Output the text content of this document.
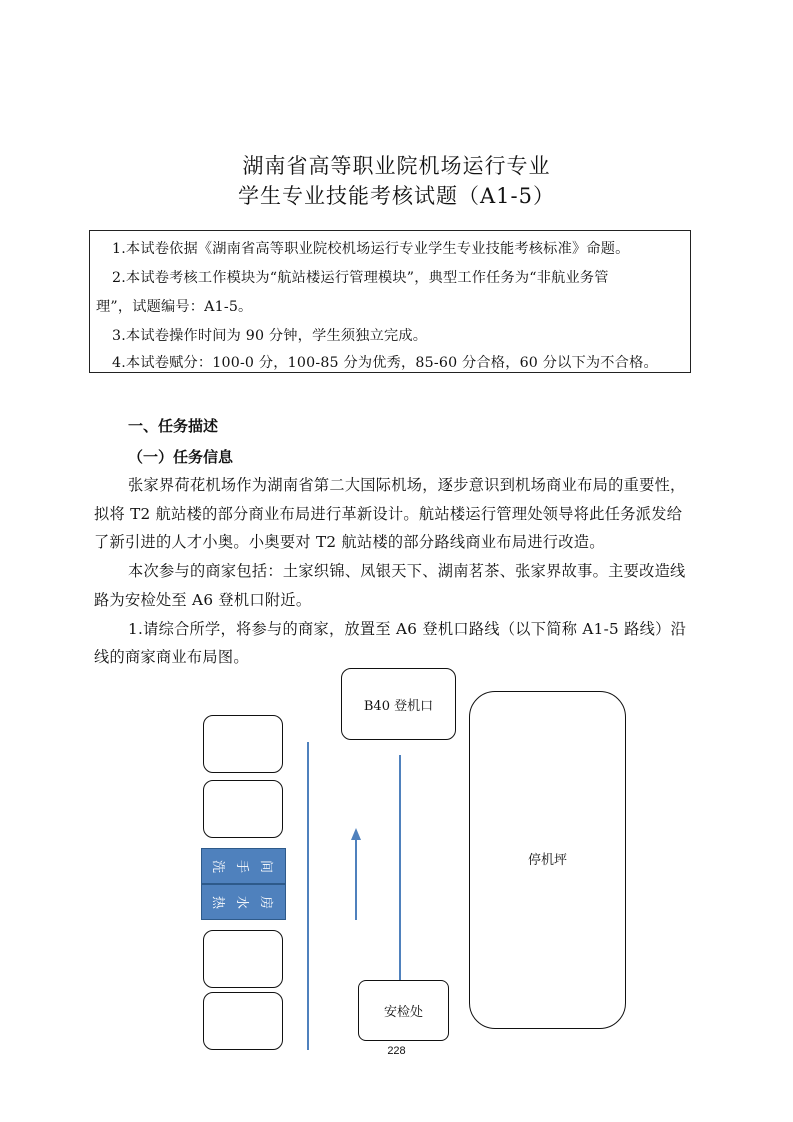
湖南省高等职业院机场运行专业
学生专业技能考核试题（A1-5）
1.本试卷依据《湖南省高等职业院校机场运行专业学生专业技能考核标准》命题。
2.本试卷考核工作模块为“航站楼运行管理模块”，典型工作任务为“非航业务管
理”，试题编号：A1-5。
3.本试卷操作时间为 90 分钟，学生须独立完成。
4.本试卷赋分：100-0 分，100-85 分为优秀，85-60 分合格，60 分以下为不合格。
一、任务描述
（一）任务信息
张家界荷花机场作为湖南省第二大国际机场，逐步意识到机场商业布局的重要性，
拟将 T2 航站楼的部分商业布局进行革新设计。航站楼运行管理处领导将此任务派发给
了新引进的人才小奥。小奥要对 T2 航站楼的部分路线商业布局进行改造。
本次参与的商家包括：土家织锦、凤银天下、湖南茗茶、张家界故事。主要改造线
路为安检处至 A6 登机口附近。
1.请综合所学，将参与的商家，放置至 A6 登机口路线（以下简称 A1-5 路线）沿
线的商家商业布局图。
洗 手 间
热 水 房
B40 登机口
停机坪
安检处
228
